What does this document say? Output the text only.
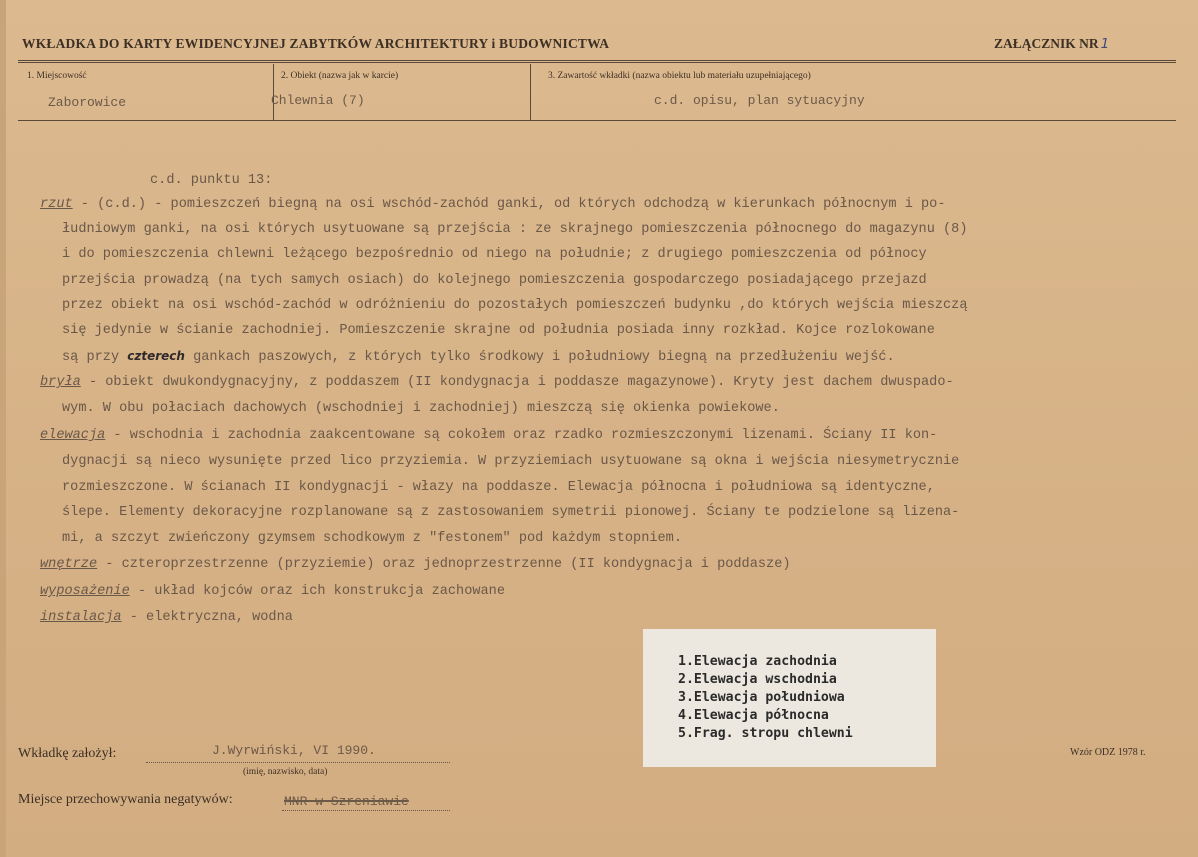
WKŁADKA DO KARTY EWIDENCYJNEJ ZABYTKÓW ARCHITEKTURY i BUDOWNICTWA	ZAŁĄCZNIK NR 1
1. Miejscowość
Zaborowice
2. Obiekt (nazwa jak w karcie)
Chlewnia (7)
3. Zawartość wkładki (nazwa obiektu lub materiału uzupełniającego)
c.d. opisu, plan sytuacyjny
c.d. punktu 13:
rzut - (c.d.) - pomieszczeń biegną na osi wschód-zachód ganki, od których odchodzą w kierunkach północnym i po-
łudniowym ganki, na osi których usytuowane są przejścia : ze skrajnego pomieszczenia północnego do magazynu (8)
i do pomieszczenia chlewni leżącego bezpośrednio od niego na południe; z drugiego pomieszczenia od północy
przejścia prowadzą (na tych samych osiach) do kolejnego pomieszczenia gospodarczego posiadającego przejazd
przez obiekt na osi wschód-zachód w odróżnieniu do pozostałych pomieszczeń budynku ,do których wejścia mieszczą
się jedynie w ścianie zachodniej. Pomieszczenie skrajne od południa posiada inny rozkład. Kojce rozlokowane
są przy czterech gankach paszowych, z których tylko środkowy i południowy biegną na przedłużeniu wejść.
bryła - obiekt dwukondygnacyjny, z poddaszem (II kondygnacja i poddasze magazynowe). Kryty jest dachem dwuspado-
wym. W obu połaciach dachowych (wschodniej i zachodniej) mieszczą się okienka powiekowe.
elewacja - wschodnia i zachodnia zaakcentowane są cokołem oraz rzadko rozmieszczonymi lizenami. Ściany II kon-
dygnacji są nieco wysunięte przed lico przyziemia. W przyziemiach usytuowane są okna i wejścia niesymetrycznie
rozmieszczone. W ścianach II kondygnacji - włazy na poddasze. Elewacja północna i południowa są identyczne,
ślepe. Elementy dekoracyjne rozplanowane są z zastosowaniem symetrii pionowej. Ściany te podzielone są lizena-
mi, a szczyt zwieńczony gzymsem schodkowym z "festonem" pod każdym stopniem.
wnętrze - czteroprzestrzenne (przyziemie) oraz jednoprzestrzenne (II kondygnacja i poddasze)
wyposażenie - układ kojców oraz ich konstrukcja zachowane
instalacja - elektryczna, wodna
1.Elewacja zachodnia
2.Elewacja wschodnia
3.Elewacja południowa
4.Elewacja północna
5.Frag. stropu chlewni
Wkładkę założył:	J.Wyrwiński, VI 1990.
(imię, nazwisko, data)
Wzór ODZ 1978 r.
Miejsce przechowywania negatywów:	MNR w Szreniawie
